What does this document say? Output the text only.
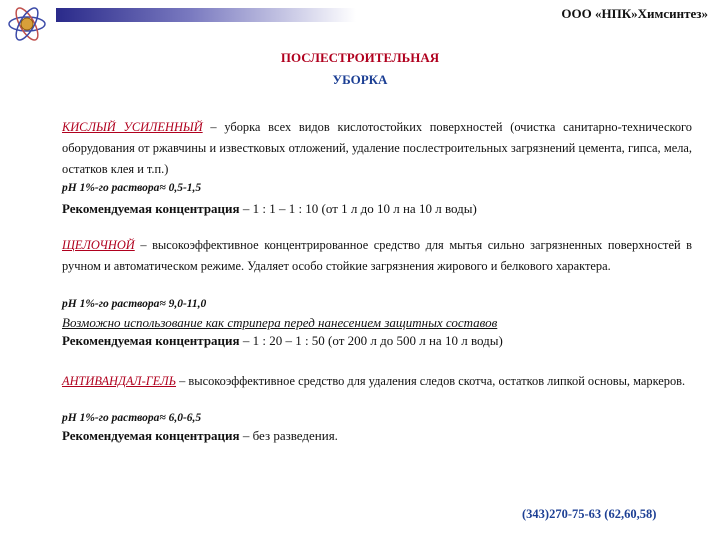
ООО «НПК»Химсинтез»
ПОСЛЕСТРОИТЕЛЬНАЯ
УБОРКА
КИСЛЫЙ УСИЛЕННЫЙ – уборка всех видов кислотостойких поверхностей (очистка санитарно-технического оборудования от ржавчины и известковых отложений, удаление послестроительных загрязнений цемента, гипса, мела, остатков клея и т.п.)
рН 1%-го раствора≈ 0,5-1,5
Рекомендуемая концентрация – 1 : 1 – 1 : 10 (от 1 л до 10 л на 10 л воды)
ЩЕЛОЧНОЙ – высокоэффективное концентрированное средство для мытья сильно загрязненных поверхностей в ручном и автоматическом режиме. Удаляет особо стойкие загрязнения жирового и белкового характера.
рН 1%-го раствора≈ 9,0-11,0
Возможно использование как стрипера перед нанесением защитных составов
Рекомендуемая концентрация – 1 : 20 – 1 : 50 (от 200 л до 500 л на 10 л воды)
АНТИВАНДАЛ-ГЕЛЬ – высокоэффективное средство для удаления следов скотча, остатков липкой основы, маркеров.
рН 1%-го раствора≈ 6,0-6,5
Рекомендуемая концентрация – без разведения.
(343)270-75-63 (62,60,58)
